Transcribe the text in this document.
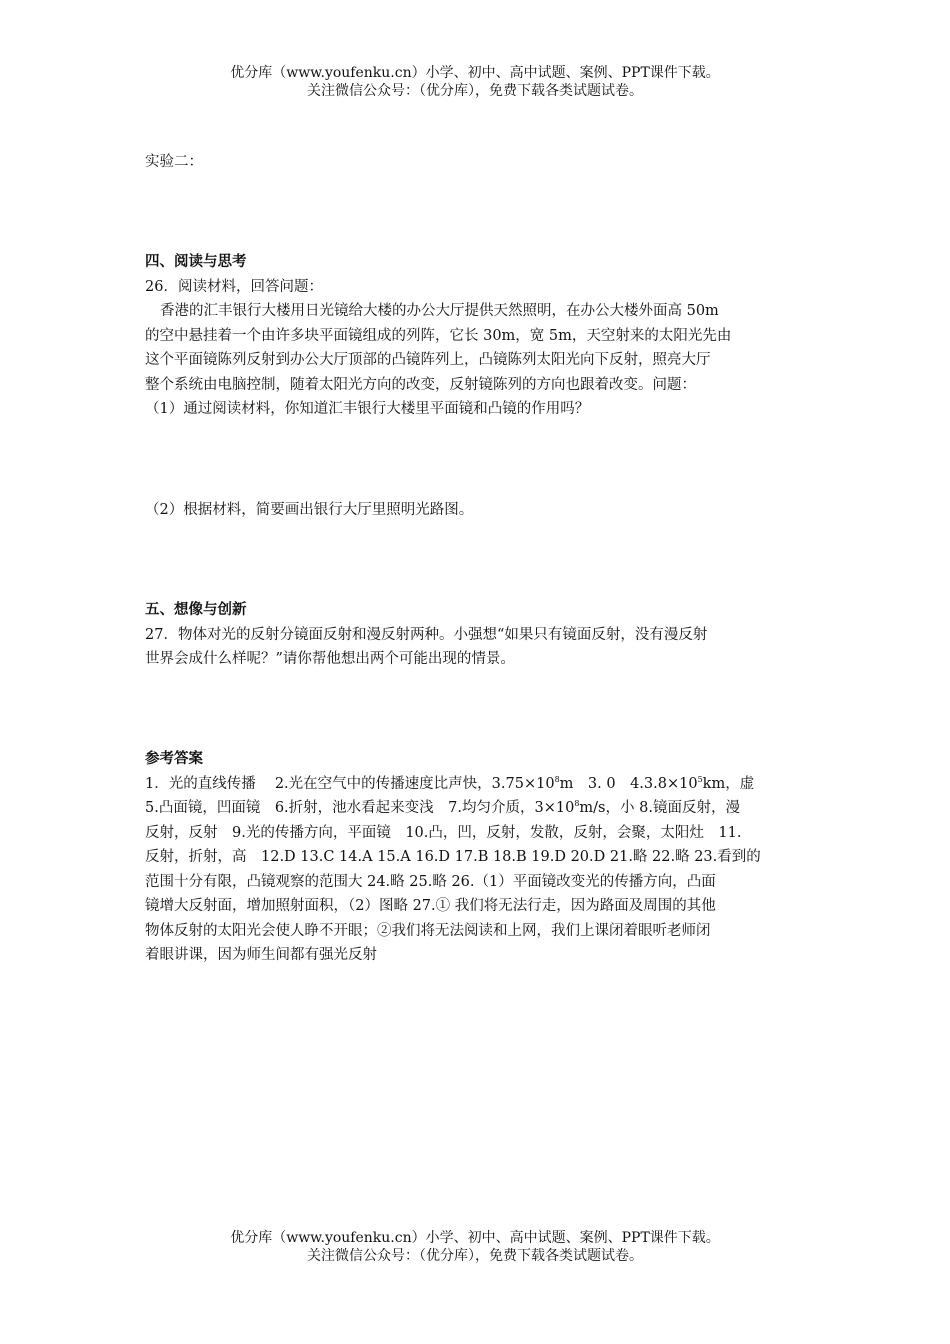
优分库（www.youfenku.cn）小学、初中、高中试题、案例、PPT课件下载。
关注微信公众号：（优分库），免费下载各类试题试卷。
实验二：
四、阅读与思考
26．阅读材料，回答问题：
香港的汇丰银行大楼用日光镜给大楼的办公大厅提供天然照明，在办公大楼外面高 50m
的空中悬挂着一个由许多块平面镜组成的列阵，它长 30m，宽 5m，天空射来的太阳光先由
这个平面镜陈列反射到办公大厅顶部的凸镜阵列上，凸镜陈列太阳光向下反射，照亮大厅
整个系统由电脑控制，随着太阳光方向的改变，反射镜陈列的方向也跟着改变。问题：
（1）通过阅读材料，你知道汇丰银行大楼里平面镜和凸镜的作用吗？
（2）根据材料，简要画出银行大厅里照明光路图。
五、想像与创新
27．物体对光的反射分镜面反射和漫反射两种。小强想“如果只有镜面反射，没有漫反射
世界会成什么样呢？”请你帮他想出两个可能出现的情景。
参考答案
1．光的直线传播　 2.光在空气中的传播速度比声快，$3.75\times 10^8m$　3. 0　$4.3.8\times 10^5km$，虚
5.凸面镜，凹面镜　6.折射，池水看起来变浅　7.均匀介质，$3\times 10^8m/s$，小 8.镜面反射，漫
反射，反射　9.光的传播方向，平面镜　10.凸，凹，反射，发散，反射，会聚，太阳灶　11.
反射，折射，高　12.D 13.C 14.A 15.A 16.D 17.B 18.B 19.D 20.D 21.略 22.略 23.看到的
范围十分有限，凸镜观察的范围大 24.略 25.略 26.（1）平面镜改变光的传播方向，凸面
镜增大反射面，增加照射面积，（2）图略 27.① 我们将无法行走，因为路面及周围的其他
物体反射的太阳光会使人睁不开眼；②我们将无法阅读和上网，我们上课闭着眼听老师闭
着眼讲课，因为师生间都有强光反射
优分库（www.youfenku.cn）小学、初中、高中试题、案例、PPT课件下载。
关注微信公众号：（优分库），免费下载各类试题试卷。
